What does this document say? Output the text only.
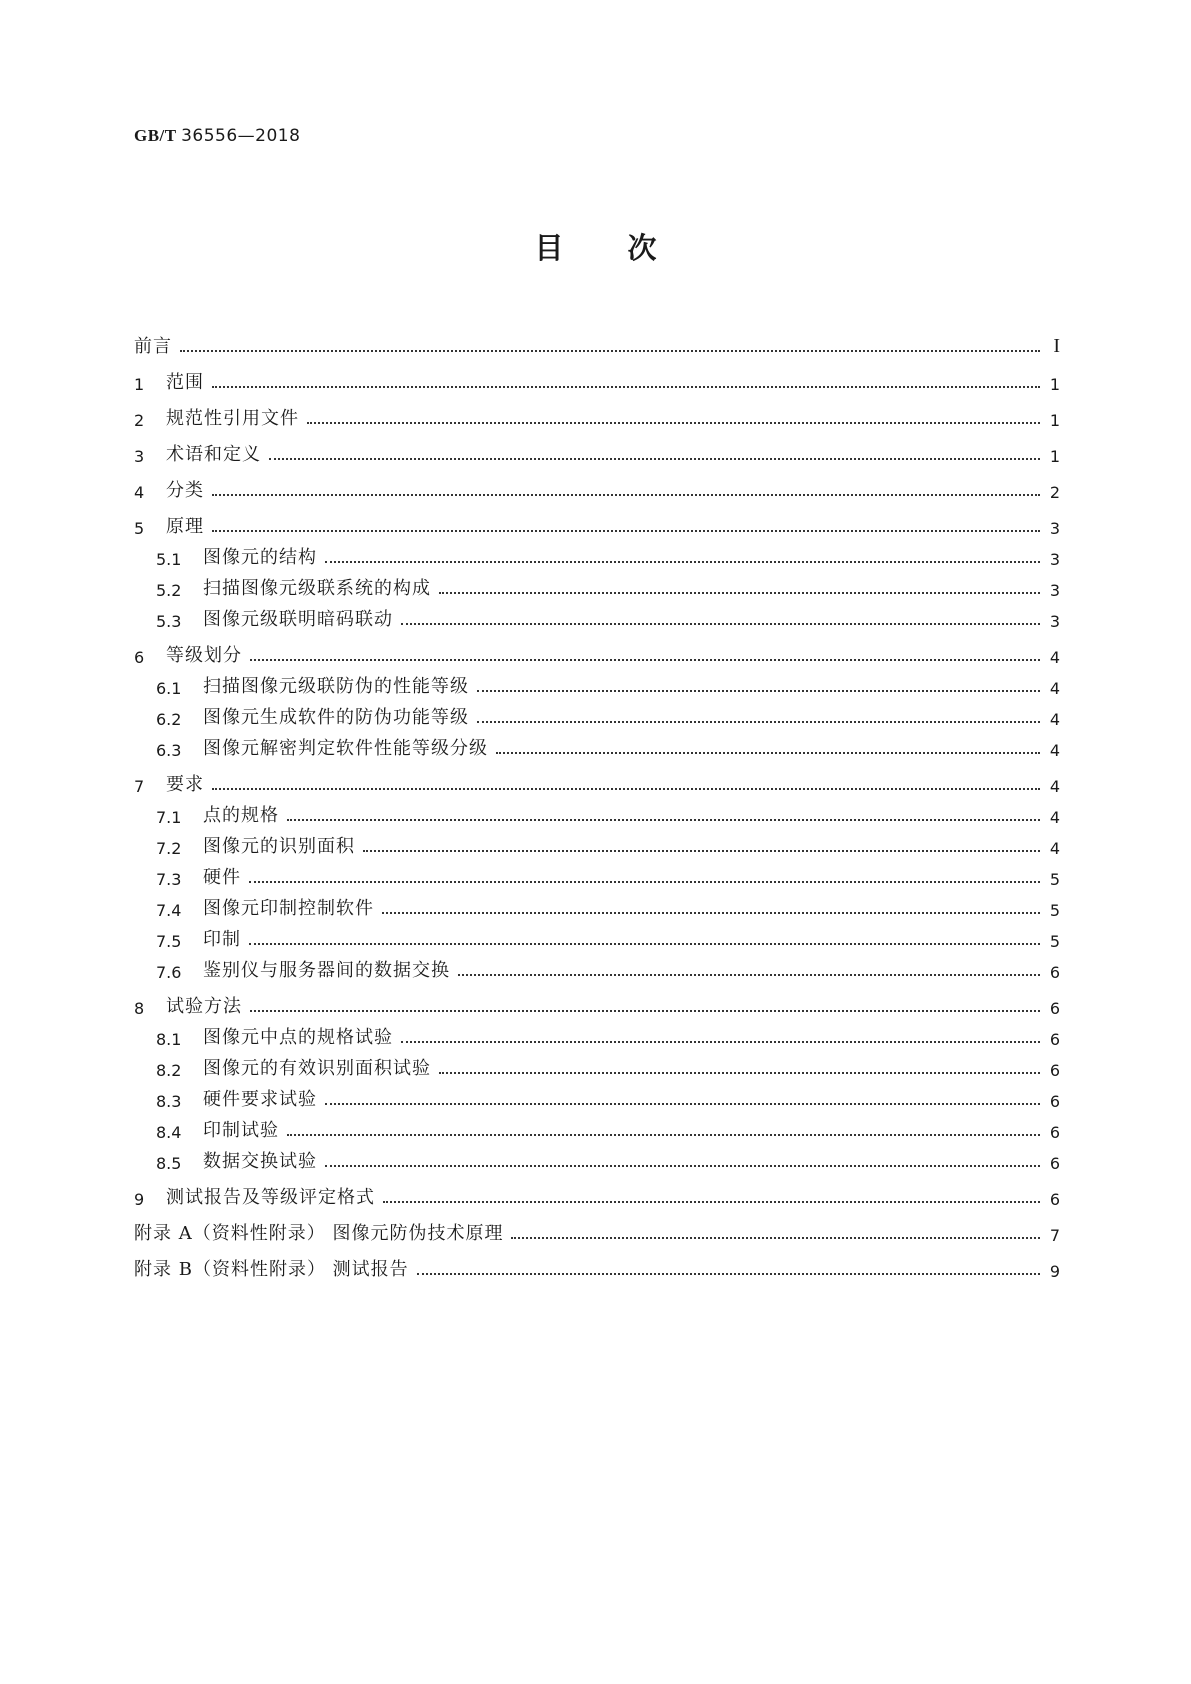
GB/T 36556—2018
目 次
前言	I
1	范围	1
2	规范性引用文件	1
3	术语和定义	1
4	分类	2
5	原理	3
5.1	图像元的结构	3
5.2	扫描图像元级联系统的构成	3
5.3	图像元级联明暗码联动	3
6	等级划分	4
6.1	扫描图像元级联防伪的性能等级	4
6.2	图像元生成软件的防伪功能等级	4
6.3	图像元解密判定软件性能等级分级	4
7	要求	4
7.1	点的规格	4
7.2	图像元的识别面积	4
7.3	硬件	5
7.4	图像元印制控制软件	5
7.5	印制	5
7.6	鉴别仪与服务器间的数据交换	6
8	试验方法	6
8.1	图像元中点的规格试验	6
8.2	图像元的有效识别面积试验	6
8.3	硬件要求试验	6
8.4	印制试验	6
8.5	数据交换试验	6
9	测试报告及等级评定格式	6
附录 A（资料性附录） 图像元防伪技术原理	7
附录 B（资料性附录） 测试报告	9
